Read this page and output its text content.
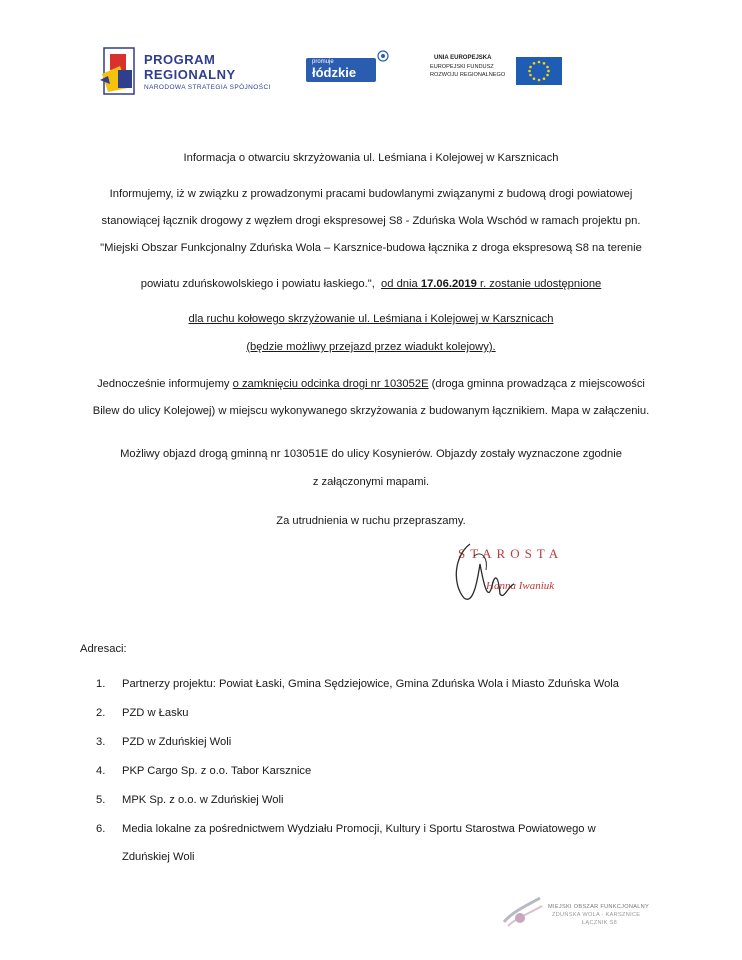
PROGRAM
REGIONALNY
NARODOWA STRATEGIA SPÓJNOŚCI
promuje
łódzkie
UNIA EUROPEJSKA
EUROPEJSKI FUNDUSZ
ROZWOJU REGIONALNEGO
Informacja o otwarciu skrzyżowania ul. Leśmiana i Kolejowej w Karsznicach
Informujemy, iż w związku z prowadzonymi pracami budowlanymi związanymi z budową drogi powiatowej
stanowiącej łącznik drogowy z węzłem drogi ekspresowej S8 - Zduńska Wola Wschód w ramach projektu pn.
"Miejski Obszar Funkcjonalny Zduńska Wola – Karsznice-budowa łącznika z droga ekspresową S8 na terenie
powiatu zduńskowolskiego i powiatu łaskiego.", od dnia 17.06.2019 r. zostanie udostępnione
dla ruchu kołowego skrzyżowanie ul. Leśmiana i Kolejowej w Karsznicach
(będzie możliwy przejazd przez wiadukt kolejowy).
Jednocześnie informujemy o zamknięciu odcinka drogi nr 103052E (droga gminna prowadząca z miejscowości
Bilew do ulicy Kolejowej) w miejscu wykonywanego skrzyżowania z budowanym łącznikiem. Mapa w załączeniu.
Możliwy objazd drogą gminną nr 103051E do ulicy Kosynierów. Objazdy zostały wyznaczone zgodnie
z załączonymi mapami.
Za utrudnienia w ruchu przepraszamy.
STAROSTA
Hanna Iwaniuk
Adresaci:
1. Partnerzy projektu: Powiat Łaski, Gmina Sędziejowice, Gmina Zduńska Wola i Miasto Zduńska Wola
2. PZD w Łasku
3. PZD w Zduńskiej Woli
4. PKP Cargo Sp. z o.o. Tabor Karsznice
5. MPK Sp. z o.o. w Zduńskiej Woli
6. Media lokalne za pośrednictwem Wydziału Promocji, Kultury i Sportu Starostwa Powiatowego w
Zduńskiej Woli
MIEJSKI OBSZAR FUNKCJONALNY
ZDUŃSKA WOLA - KARSZNICE
ŁĄCZNIK S8
